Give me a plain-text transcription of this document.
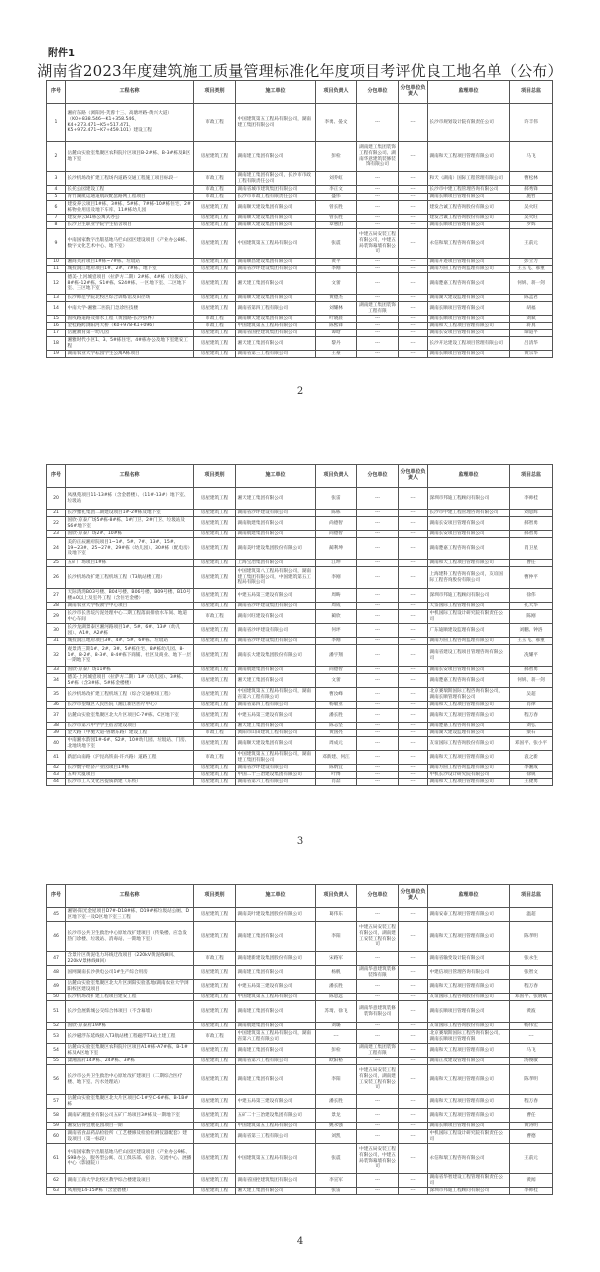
附件1
湖南省2023年度建筑施工质量管理标准化年度项目考评优良工地名单（公布）
序号	工程名称	项目类别	施工单位	项目负责人	分包单位	分包单位负责人	监理单位	项目总监
1	湘府东路（浏阳河-芙蓉十三、高塘坪路-黄兴大道）（K0+838.546—K1+358.546、K4+273.471~K5+517.471、K5+972.471~K7+459.101）建设工程	市政工程	中国建筑第五工程局有限公司，湖南建工集团有限公司	李勇、晏文	---	---	长沙市规划设计院有限责任公司	许丰伟
2	岳麓山实验室集聚区农科院片区项目B-2#栋、B-3#栋及B区地下室	房屋建筑工程	湖南建工集团有限公司	彭栓	湖南建工集团装饰工程有限公司、湖南华意建筑装修装饰有限公司	---	湖南和天工程项目管理有限公司	马飞
3	长沙机场改扩建工程场内道路交通工程施工项目标段一	市政工程	湖南建工集团有限公司，长沙市市政工程有限责任公司	刘乔虹	---	---	和天（湖南）国际工程管理有限公司	曹松林
4	长托公园建设工程	市政工程	湖南省城市建筑集团有限公司	李正文	---	---	长沙市中建工程管理咨询有限公司	郝秀锋
5	青竹湖航运通道航段配套路网工程项目	市政工程	长沙市市政工程有限责任公司	盛伟	---	---	湖南长顺项目管理有限公司	施哲
6	建发养云项目1#栋、3#栋、5#栋、7#栋-10#栋住宅、2#栋物业用房及地下车库、11#栋幼儿园	房屋建筑工程	湖南顺天建设集团有限公司	曾长胜	---	---	建发合诚工程咨询股份有限公司	吴火旺
7	建发养云B1栋公寓式办公	房屋建筑工程	湖南顺天建设集团有限公司	曾长胜	---	---	建发合诚工程咨询股份有限公司	吴火旺
8	长沙卫生职业学院学生宿舍项目	房屋建筑工程	湖南顺天建设集团有限公司	章惠团	---	---	湖南长顺项目管理有限公司	罗辉
9	中南国家数字出版基地马栏山园区建设项目（产业办公8栋、数字文化艺术中心、地下室）	房屋建筑工程	中国建筑第五工程局有限公司	张震	中建五局安装工程有限公司，中建五局装饰幕墙有限公司	---	永信和瑞工程咨询有限公司	王前元
10	湘商芙府项目1#栋~7#栋、垃圾站	房屋建筑工程	湖南顺昌建设集团有限公司	黄平	---	---	湖南开迹项目管理有限公司	彭立力
11	城投润江地府项目1#、2#、7#栋、地下室	房屋建筑工程	湖南省沙坪建设集团有限公司	李刚	---	---	湖南方圆工程咨询监理有限公司	王玉飞、郝重
12	德美·上河城壹项目（拉萨方二期）2#栋、4#栋（垃圾站）、8#栋-12#栋、S1#栋、S24#栋、一区地下室、二区地下室、三区地下室	房屋建筑工程	湘天建工集团有限公司	文蕾	---	---	湖南楚嘉工程咨询有限公司	何妍、蒋一剑
13	长沙师范学院北校区综合训练馆及田径场	房屋建筑工程	湖南顺天建设集团有限公司	黄德杰	---	---	湖南湖大建设监理有限公司	陈孟君
14	中南大学-湘雅二医院门急诊医技楼	房屋建筑工程	湖南省第四工程有限公司	刘耀林	湖南建工集团装饰工程有限	---	湖南长顺项目管理有限公司	胡福
15	固戍路道路及排水工程（黄园路-长沙县界）	市政工程	湖南顺天建设集团有限公司	叶晓晨	---	---	湖南长顺项目管理有限公司	刘斌
16	金桂路跨浏阳河大桥（K0+978-K1+096）	市政工程	中国建筑第五工程局有限公司	陈熙锋	---	---	湖南和天工程项目管理有限公司	蒋真
17	岳麓教育第一幼儿园	房屋建筑工程	湖南省国控建筑集团有限公司	谭晗	---	---	湖南长安项目管理有限公司	谭道平
18	湘雅时代小区1、3、5#栋住宅、4#栋办公及地下室建安工程	房屋建筑工程	湘天建工集团有限公司	黎丹	---	---	长沙开达建设工程项目管理有限公司	吕清华
19	湖南农业大学耘园学生公寓A栋项目	房屋建筑工程	湖南省第三工程有限公司	王豪	---	---	湖南长顺项目管理有限公司	黄宗华
2
序号	工程名称	项目类别	施工单位	项目负责人	分包单位	分包单位负责人	监理单位	项目总监
20	凤凰苑项目11-13#栋（含金碧楼）、（11#-13#）地下室、垃圾站	房屋建筑工程	湘天建工集团有限公司	张雷	---	---	深圳市邦迪工程顾问有限公司	李师桂
21	长沙雅礼集团二期建设项目1#-2#栋及地下室	房屋建筑工程	湖南省沙坪建设有限公司	陈栋	---	---	长沙市中建工程管理咨询有限公司	刘思辉
22	国欣·京泰广场5#栋-8#栋、1#门卫、2#门卫、垃圾站及S6#地下室	房屋建筑工程	湖南航建集团有限公司	尚德智	---	---	湖南长安项目管理有限公司	郝智勇
23	国欣·京泰广场2#、10#栋	房屋建筑工程	湖南航建集团有限公司	尚德智	---	---	湖南长安项目管理有限公司	郝智勇
24	美的正辰湘府院项目1~1#、5#、7#、13#、15#、19~23#、25~27#、29#栋（幼儿园）、30#栋（配电房）及地下室	房屋建筑工程	湖南美叶建设集团股份有限公司	蔺利坤	---	---	湖南楚嘉工程咨询有限公司	肖卫星
25	五矿广场项目1#栋	房屋建筑工程	上海宝冶集团有限公司	江坤	---	---	湖南和天工程项目管理有限公司	曹任
26	长沙机场改扩建工程机场工程（T3航站楼工程）	房屋建筑工程	中国建筑第八工程局有限公司，湖南建工集团有限公司，中国建筑第五工程局有限公司	李刚	---	---	上海建科工程咨询有限公司，友谊国际工程咨询股份有限公司	曹仲平
27	天际湾湾B03号楼、B04号楼、B06号楼、B09号楼、B10号楼±0以上及室外工程（含住宅金楼）	房屋建筑工程	中建五局第三建设有限公司	周畴	---	---	深圳市邦迪工程顾问有限公司	徐伟
28	湖南农业大学校教学中心项目	房屋建筑工程	湖南省沙坪建设集团有限公司	周成	---	---	天鉴国际工程管理有限公司	孔大华
29	长沙市长善垸污泥处理中心二期工程落雨排放水车间、地道中心车间	市政工程	湖南兴旺建设有限公司	蔺欣	---	---	中机国际工程设计研究院有限责任公司	陈刚
30	长沙龙湖景泰区湘河路项目1#、5#、6#、13#（幼儿园）、A1#、A2#栋	房屋建筑工程	湖南省沙坪建设有限公司	何坪	---	---	广东迪顺建设监理有限公司	刘鹏、钟洛
31	城投润江地府项目3#、4#、5#、6#栋、垃圾站	房屋建筑工程	湖南省沙坪建设集团有限公司	李刚	---	---	湖南方圆工程咨询监理有限公司	王玉飞、郝重
32	观景湾三期1#、2#、3#、5#栋住宅、8#栋幼儿园、8-1#、8-2#、8-3#、8-4#栋下商铺、社区及商业、地下一层一期地下室	房屋建筑工程	湖南长大建设集团股份有限公司	潘宇翔	---	---	湖南省建设工程项目管理咨询有限公司	冼耀平
33	国欣·京泰广场11#栋	房屋建筑工程	湖南航建集团有限公司	尚德智	---	---	湖南长安项目管理有限公司	郝智勇
34	德美·上河城壹项目（拉萨方二期）1#（幼儿园）、3#栋、5#栋（含3#栋、5#栋金楼楼）	房屋建筑工程	湘天建工集团有限公司	文蕾	---	---	湖南楚嘉工程咨询有限公司	何妍、蒋一剑
35	长沙机场改扩建工程机场工程（综合交通枢纽工程）	房屋建筑工程	中国建筑第五工程局有限公司，湖南省第六工程有限公司	曹汝峰	---	---	北京赛瑞斯国际工程咨询有限公司，湖南长顺管理有限公司	吴超
36	长沙市望城区人民医院（湘江新区医疗中心）	房屋建筑工程	湖南省第四工程有限公司	杨敏亚	---	---	湖南和天工程项目管理有限公司	肖律
37	岳麓山实验室集聚区北大片区项目C-7#栋、C区地下室	房屋建筑工程	中建五局第三建设有限公司	潘长胜	---	---	湖南和天工程项目管理有限公司	程万春
38	长沙市第六中学学生宿舍建设项目	房屋建筑工程	湘天建工集团有限公司	陈志坚	---	---	湖南楚嘉工程咨询有限公司	刘弘
39	金大路（中驰大道-鲁塘东路）建设工程	市政工程	浏阳市山田建筑工程有限公司	黄国亮	---	---	湖南湖大建设监理有限公司	梁石
40	中南湘水韵园1#-6#、S2#、10#幼儿园、垃圾站、门房、北地块地下室	房屋建筑工程	湖南顺天建设集团有限公司	周成元	---	---	友谊国际工程咨询股份有限公司	邓国平、张小平
41	新韶山南路（沪昆高铁南-许兴路）道路工程	市政工程	中国建筑第五工程局有限公司，湖南建工集团有限公司	邓新建、何江	---	---	湖南和天工程项目管理有限公司	袁之新
42	长沙数字经济产业园项目1#栋	房屋建筑工程	湖南省沙坪建设有限公司	陈炳宜	---	---	湖南方圆工程咨询监理有限公司	李湘成
43	五岭大厦项目	房屋建筑工程	中国二十三冶建设集团有限公司	叶博	---	---	中机长沙设计研究院有限公司	徐锐
44	长沙市工人文化宫提质新建（东校）	房屋建筑工程	湖南省第六工程有限公司	肖喆	---	---	湖南和天工程项目管理有限公司	王捷勇
3
序号	工程名称	项目类别	施工单位	项目负责人	分包单位	分包单位负责人	监理单位	项目总监
45	湘钢·阳光金屋项目D7#-D18#栋、D19#栋垃圾站公厕、D区地下室一及D区地下室三工程	房屋建筑工程	湖南美叶建设集团股份有限公司	葛伟东	---	---	湖南安泰工程项目管理有限公司	温超
46	长沙市公共卫生救治中心原址改扩建项目（传染楼、应急发热门诊楼、垃圾站、消毒站、一期地下室）	房屋建筑工程	湖南建工集团有限公司	李阳	中建五局安装工程有限公司，湖南建工安装工程有限公司	---	湖南和天工程项目管理有限公司	陈孝明
47	含景片区黄泥电力环线迁改项目（220kV黄泥线ⅠⅡ回、220kV景林线ⅠⅡ回）	市政工程	湖南建新建设集团股份有限公司	宋路军	---	---	湖南省输变设计院有限公司	张永生
48	国网湖南长沙供电公司1#生产综合用房	房屋建筑工程	湖南建工集团有限公司	杨帆	湖南华意建筑装修装饰有限	---	中建信项目管理咨询有限公司	张智文
49	岳麓山实验室集聚区北大片区浏阳实验基地/湖南农业大学浏阳校区建设项目	房屋建筑工程	中建五局第三建设有限公司	潘长胜	---	---	湖南和天工程项目管理有限公司	程万春
50	长沙机场改扩建工程项目建安工程	房屋建筑工程	中国建筑第五工程局有限公司	陈思远	---	---	友谊国际工程咨询股份有限公司	邓国平、张晓斌
51	长沙会展新城公交综合体项目（不含幕墙）	房屋建筑工程	湖南建工集团有限公司	苏琦、徐飞	湖南华意建筑装修装饰有限公司	---	湖南长顺项目管理有限公司	黄波
52	国欣·京泰府19#栋	房屋建筑工程	湖南航建集团有限公司	刘璐	---	---	友谊国际工程咨询股份有限公司	杨伟宏
53	长沙磁浮东延线接入T3航站楼工程磁浮T3站土建工程	市政工程	中国建筑第五工程局有限公司，湖南省第六工程有限公司	---	---	---	北京赛瑞斯国际工程咨询有限公司，湖南长顺项目管理有限	---
54	岳麓山实验室集聚区农科院片区项目A1#栋-A7#栋、B-1#栋及A区地下室	房屋建筑工程	湖南建工集团有限公司	彭栓	湖南建工集团装饰工程有限	---	湖南和天工程项目管理有限公司	马飞
55	潇湘富府14#栋、24#栋、3#栋	房屋建筑工程	湖南省第六工程有限公司	欧阳裕	---	---	湖南正茂建设管理有限公司	汤俊敏
56	长沙市公共卫生救治中心原址改扩建项目（二期综合医疗楼、地下室、污水处理站）	房屋建筑工程	湖南建工集团有限公司	李阳	中建五局安装工程有限公司，湖南建工安装工程有限公司	---	湖南和天工程项目管理有限公司	陈孝明
57	岳麓山实验室集聚区北大片区项目C-1#至C-6#栋、B-1B#栋	房屋建筑工程	中建五局第三建设有限公司	潘长胜	---	---	湖南和天工程项目管理有限公司	程万春
58	湖南矿湘置业有限公司五矿广场项目3#栋及一期地下室	房屋建筑工程	五矿二十三冶建设集团有限公司	景龙	---	---	湖南和天工程项目管理有限公司	曹任
59	湘发信得会展花园项目一期	房屋建筑工程	中国建筑第五工程局有限公司	姚永强	---	---	湖南长顺项目管理有限公司	黄涛明
60	湖南省食品药品检验所（工艺楼修及检验检测仪器配套）建设项目（第一标段）	房屋建筑工程	湖南省第三工程有限公司	刘凯	---	---	中机国际工程设计研究院有限责任公司	曹德
61	中南国家数字出版基地马栏山园区建设项目（产业办公9栋、S9B办公、服务型公寓、员工俱乐部、宿舍、交流中心、展播中心（影剧院））	房屋建筑工程	中国建筑第五工程局有限公司	张震	中建五局安装工程有限公司，中建五局装饰幕墙有限公司	---	永信和瑞工程咨询有限公司	王前元
62	湖南工商大学北校区教学综合楼建设项目	房屋建筑工程	湖南省国控建筑集团有限公司	李宣军	---	---	湖南省华智建设工程管理有限责任公司	黄闻
63	凤翔苑14-15#栋（含金碧楼）	房屋建筑工程	湘天建工集团有限公司	张雷	---	---	深圳市邦迪工程顾问有限公司	李师桂
4
